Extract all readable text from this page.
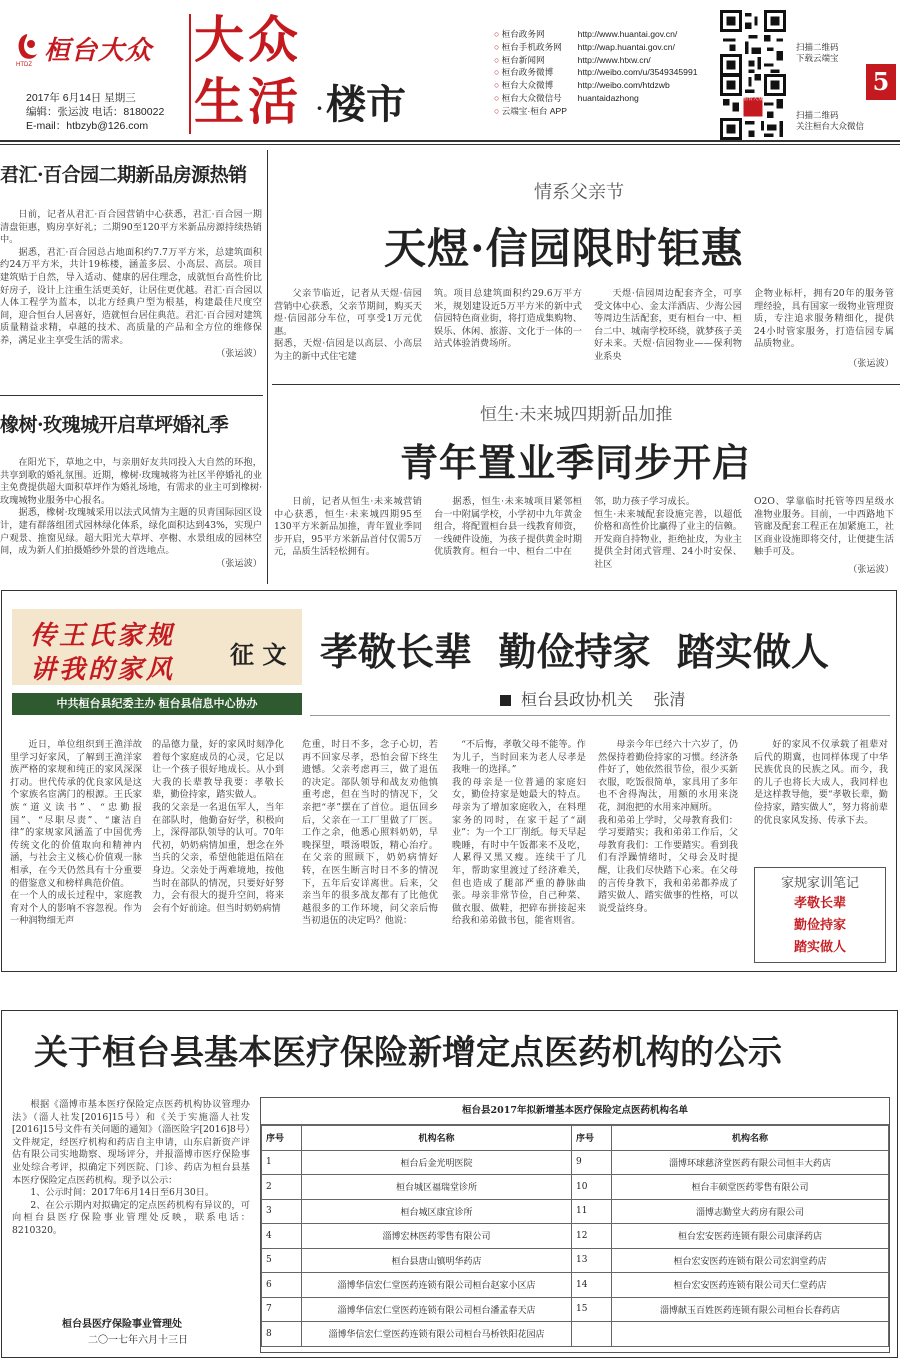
桓台大众
HTDZ
2017年 6月14日 星期三
编辑：张运波 电话：8180022
E-mail：htbzyb@126.com
大众
生活 · 楼市
○ 桓台政务网	http://www.huantai.gov.cn/
○ 桓台手机政务网 http://wap.huantai.gov.cn/
○ 桓台新闻网	http://www.htxw.cn/
○ 桓台政务微博	http://weibo.com/u/3549345991
○ 桓台大众微博	http://weibo.com/htdzwb
○ 桓台大众微信号 huantaidazhong
○ 云端宝·桓台 APP
扫描二维码
下载云端宝
桓台大众
扫描二维码
关注桓台大众微信
5
君汇·百合园二期新品房源热销

日前，记者从君汇·百合园营销中心获悉，君汇·百合园一期清盘钜惠，购房享好礼；二期90至120平方米新品房源持续热销中。

据悉，君汇·百合园总占地面积约7.7万平方米，总建筑面积约24万平方米，共计19栋楼，涵盖多层、小高层、高层。项目建筑贴于自然，导入适动、健康的居住理念，成就恒台高性价比好房子，设计上注重生活更美好，让居住更优越。君汇·百合园以人体工程学为蓝本，以北方经典户型为根基，构建最佳尺度空间，迎合恒台人居喜好，造就恒台居住典范。君汇·百合园对建筑质量精益求精，卓越的技术、高质量的产品和全方位的维修保养，满足业主享受生活的需求。

（张运波）
橡树·玫瑰城开启草坪婚礼季

在阳光下，草地之中，与亲朋好友共同投入大自然的环抱，共享到歌的婚礼氛围。近期，橡树·玫瑰城将为社区半停婚礼的业主免费提供超大面积草坪作为婚礼场地，有需求的业主可到橡树·玫瑰城物业服务中心报名。

据悉，橡树·玫瑰城采用以法式风情为主题的贝青国际园区设计，建有群落组团式园林绿化体系，绿化面积达到43%，实现户户观景、推窗见绿。超大阳光大草坪、亭榭、水景组成的园林空间，成为新人们拍摄婚纱外景的首选地点。

（张运波）
情系父亲节
天煜·信园限时钜惠
父亲节临近，记者从天煜·信园营销中心获悉，父亲节期间，购买天煜·信园部分车位，可享受1万元优惠。
据悉，天煜·信园是以高层、小高层为主的新中式住宅建
筑。项目总建筑面积约29.6万平方米，规划建设近5万平方米的新中式信园特色商业街，将打造成集购物、娱乐、休闲、旅游、文化于一体的一站式体验消费场所。
天煜·信园周边配套齐全，可享受文体中心、金太洋酒店、少海公园等周边生活配套，更有桓台一中、桓台二中、城南学校环绕，就梦孩子美好未来。天煜·信园物业——保利物业系央
企物业标杆，拥有20年的服务管理经验，具有国家一级物业管理资质，专注追求服务精细化，提供24小时管家服务，打造信园专属品质物业。
（张运波）
恒生·未来城四期新品加推
青年置业季同步开启
日前，记者从恒生·未来城营销中心获悉，恒生·未来城四期95至130平方米新品加推，青年置业季同步开启，95平方米新品首付仅需5万元，品质生活轻松拥有。
据悉，恒生·未来城项目紧邻桓台一中附属学校，小学初中九年黄金组合，将配置桓台县一线教育师资，一线硬件设施，为孩子提供黄金时期优质教育。桓台一中、桓台二中在
邻，助力孩子学习成长。
恒生·未来城配套设施完善，以超低价格和高性价比赢得了业主的信赖。开发商自持物业，拒绝扯皮，为业主提供全封闭式管理、24小时安保、社区
O2O、掌靠临时托管等四星级水准物业服务。目前，一中西路地下管廊及配套工程正在加紧施工，社区商业设施即将交付，让便捷生活触手可及。
（张运波）
传王氏家规
讲我的家风
征 文
中共桓台县纪委主办 桓台县信息中心协办
孝敬长辈  勤俭持家  踏实做人
桓台县政协机关 张清
近日，单位组织到王渔洋故里学习好家风，了解到王渔洋家族严格的家规和纯正的家风深深打动。世代传承的优良家风是这个家族名宦满门的根源。王氏家族“道义读书”、“忠勤报国”、“尽职尽责”、“廉洁自律”的家规家风涵盖了中国优秀传统文化的价值取向和精神内涵，与社会主义核心价值观一脉相承，在今天仍然具有十分重要的借鉴意义和榜样典范价值。
在一个人的成长过程中，家庭教育对个人的影响不容忽视。作为一种润物细无声
的品德力量，好的家风时刻净化着每个家庭成员的心灵，它足以让一个孩子很好地成长。从小到大我的长辈教导我要：孝敬长辈，勤俭持家，踏实做人。
我的父亲是一名退伍军人，当年在部队时，他勤奋好学，积极向上，深得部队领导的认可。70年代初，奶奶病情加重，想念在外当兵的父亲，希望他能退伍陪在身边。父亲处于两难境地，按他当时在部队的情况，只要好好努力，会有很大的提升空间，将来会有个好前途。但当时奶奶病情
危重，时日不多，念子心切，若再不回家尽孝，恐怕会留下终生遗憾。父亲考虑再三，做了退伍的决定。部队领导和战友劝他慎重考虑，但在当时的情况下，父亲把“孝”摆在了首位。退伍回乡后，父亲在一工厂里做了厂医。工作之余，他悉心照料奶奶，早晚探望，喂汤喂饭，精心治疗。在父亲的照顾下，奶奶病情好转，在医生断言时日不多的情况下，五年后安详离世。后来，父亲当年的很多战友都有了比他优越很多的工作环境，问父亲后悔当初退伍的决定吗？他说：
“不后悔，孝敬父母不能等。作为儿子，当时回来为老人尽孝是我唯一的选择。”
我的母亲是一位普通的家庭妇女，勤俭持家是她最大的特点。母亲为了增加家庭收入，在料理家务的同时，在家干起了“副业”：为一个工厂削纸。每天早起晚睡，有时中午饭都来不及吃，人累得又黑又瘦。连续干了几年，帮助家里渡过了经济难关，但也造成了腿部严重的静脉曲张。母亲非常节俭，自己种菜、做衣服、做鞋，把碎布拼接起来给我和弟弟做书包，能省则省。
母亲今年已经六十六岁了，仍然保持着勤俭持家的习惯。经济条件好了，她依然很节俭，很少买新衣服，吃饭很简单，家具用了多年也不舍得淘汰，用额的水用来浇花，洞泡把的水用来冲厕所。
我和弟弟上学时，父母教育我们：学习要踏实；我和弟弟工作后，父母教育我们：工作要踏实。看到我们有浮躁情绪时，父母会及时提醒，让我们尽快踏下心来。在父母的言传身教下，我和弟弟都养成了踏实做人、踏实做事的性格，可以说受益终身。
好的家风不仅承载了祖辈对后代的期冀，也同样体现了中华民族优良的民族之风。而今，我的儿子也将长大成人，我同样也是这样教导他，要“孝敬长辈，勤俭持家，踏实做人”，努力将前辈的优良家风发扬、传承下去。
家规家训笔记
孝敬长辈
勤俭持家
踏实做人
关于桓台县基本医疗保险新增定点医药机构的公示

根据《淄博市基本医疗保险定点医药机构协议管理办法》（淄人社发[2016]15号）和《关于实施淄人社发[2016]15号文件有关问题的通知》（淄医险字[2016]8号）文件规定，经医疗机构和药店自主申请，山东启新资产评估有限公司实地勘察、现场评分，并报淄博市医疗保险事业处综合考评，拟确定下列医院、门诊、药店为桓台县基本医疗保险定点医药机构。现予以公示：

1、公示时间：2017年6月14日至6月30日。

2、在公示期内对拟确定的定点医药机构有异议的，可向桓台县医疗保险事业管理处反映，联系电话：8210320。

桓台县医疗保险事业管理处
二〇一七年六月十三日
桓台县2017年拟新增基本医疗保险定点医药机构名单
序号	机构名称	序号	机构名称
1	桓台后金光明医院	9	淄博环球慈济堂医药有限公司恒丰大药店
2	桓台城区福瑞堂诊所	10	桓台丰硕堂医药零售有限公司
3	桓台城区康宜诊所	11	淄博志勤堂大药房有限公司
4	淄博宏林医药零售有限公司	12	桓台宏安医药连锁有限公司康泽药店
5	桓台县唐山镇明华药店	13	桓台宏安医药连锁有限公司宏润堂药店
6	淄博华信宏仁堂医药连锁有限公司桓台赵家小区店	14	桓台宏安医药连锁有限公司天仁堂药店
7	淄博华信宏仁堂医药连锁有限公司桓台潘孟春天店	15	淄博献玉百姓医药连锁有限公司桓台长春药店
8	淄博华信宏仁堂医药连锁有限公司桓台马桥铁阳花园店		
